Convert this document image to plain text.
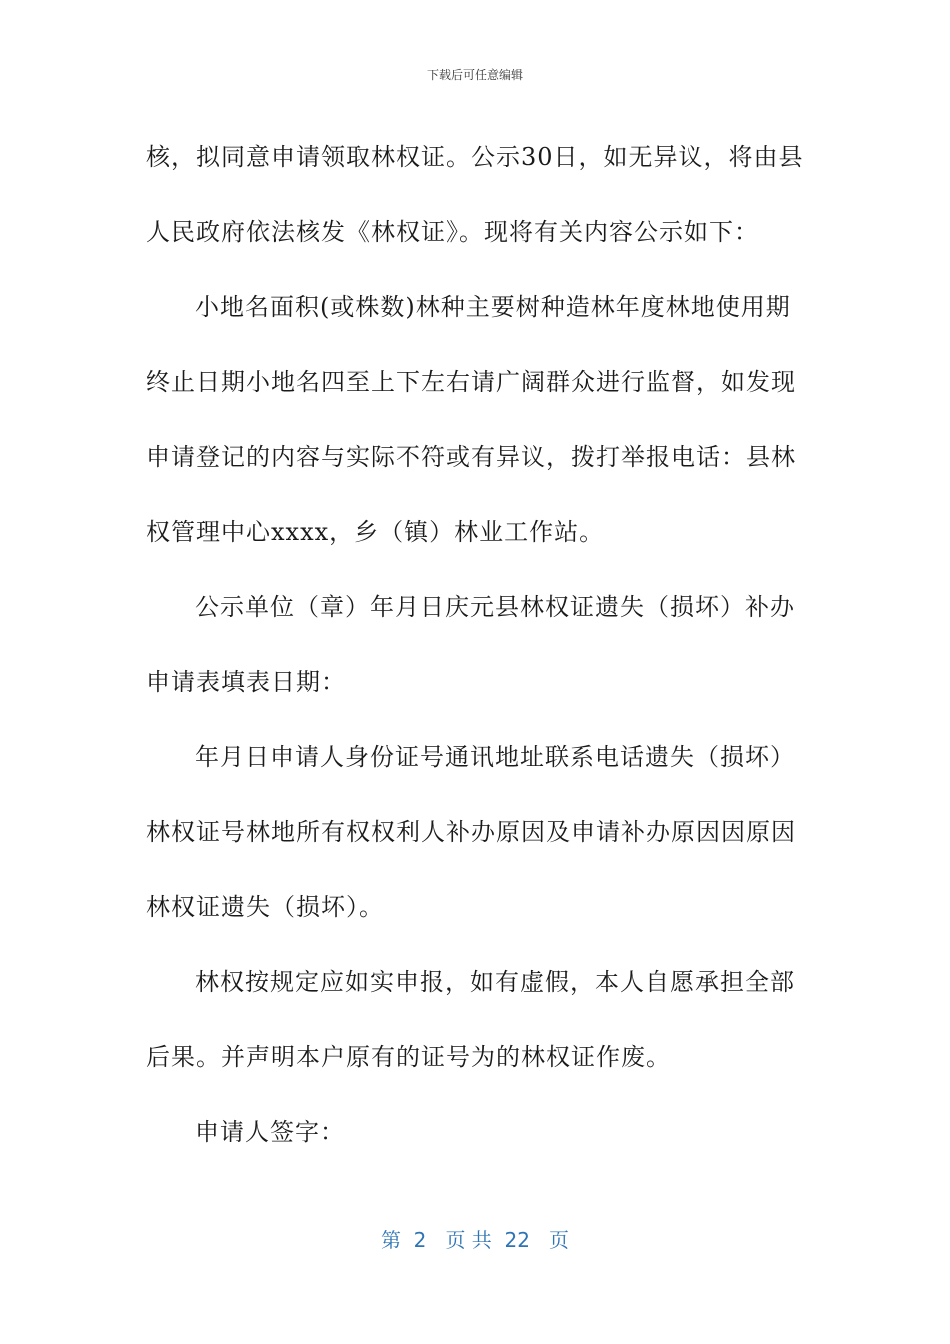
下载后可任意编辑

核，拟同意申请领取林权证。公示30日，如无异议，将由县人民政府依法核发《林权证》。现将有关内容公示如下：

小地名面积(或株数)林种主要树种造林年度林地使用期终止日期小地名四至上下左右请广阔群众进行监督，如发现申请登记的内容与实际不符或有异议，拨打举报电话：县林权管理中心xxxx，乡（镇）林业工作站。

公示单位（章）年月日庆元县林权证遗失（损坏）补办申请表填表日期：

年月日申请人身份证号通讯地址联系电话遗失（损坏）林权证号林地所有权权利人补办原因及申请补办原因因原因林权证遗失（损坏）。

林权按规定应如实申报，如有虚假，本人自愿承担全部后果。并声明本户原有的证号为的林权证作废。

申请人签字：

第  2   页 共  22   页
